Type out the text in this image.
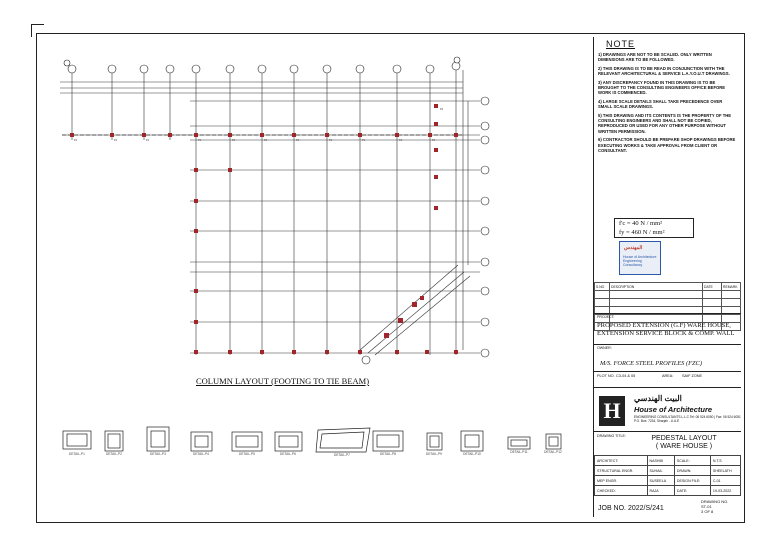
P4	P4	P4	P1	P1	P1	P1	P1	P1	P1	P1
P3
COLUMN LAYOUT (FOOTING TO TIE BEAM)
DETAIL-P1	DETAIL-P2	DETAIL-P3	DETAIL-P4	DETAIL-P5	DETAIL-P6	DETAIL-P7	DETAIL-P8	DETAIL-P9	DETAIL-P10	DETAIL-P11	DETAIL-P12
NOTE

1) DRAWINGS ARE NOT TO BE SCALED. ONLY WRITTEN DIMENSIONS ARE TO BE FOLLOWED.

2) THIS DRAWING IS TO BE READ IN CONJUNCTION WITH THE RELEVANT ARCHITECTURAL & SERVICE L.A.Y.O.U.T DRAWINGS.

3) ANY DISCREPANCY FOUND IN THIS DRAWING IS TO BE BROUGHT TO THE CONSULTING ENGINEERS OFFICE BEFORE WORK IS COMMENCED.

4) LARGE SCALE DETAILS SHALL TAKE PRECEDENCE OVER SMALL SCALE DRAWINGS.

5) THIS DRAWING AND ITS CONTENTS IS THE PROPERTY OF THE CONSULTING ENGINEERS AND SHALL NOT BE COPIED, REPRODUCED OR USED FOR ANY OTHER PURPOSE WITHOUT WRITTEN PERMISSION.

6) CONTRACTOR SHOULD BE PREPARE SHOP DRAWINGS BEFORE EXECUTING WORKS & TAKE APPROVAL FROM CLIENT OR CONSULTANT.

f'c = 40 N / mm²
fy = 460 N / mm²
المهندس
House of Architecture Engineering Consultancy
S.NO	DESCRIPTION	DATE	REMARK

PROJECT:
PROPOSED EXTENSION (G.F) WARE HOUSE, EXTENSION SERVICE BLOCK & COMP. WALL
OWNER:
M/S. FORCE STEEL PROFILES (FZC)
PLOT NO. C3-04 & 05	AREA: SAIF ZONE
H	البيت الهندسي
House of Architecture
ENGINEERING CONSULTANTS L.L.C Tel: 06 524 6050 | Fax: 06 524 6051 P.O. Box: 7234, Sharjah - U.A.E
DRAWING TITLE:	PEDESTAL LAYOUT
( WARE HOUSE )
ARCHITECT:	NASHIB	SCALE:	N.T.S
STRUCTURAL ENGR.	SUHAIL	DRAWN:	SHEELATH
MEP ENGR.	SUSEELA	DESIGN FILE:	C-01
CHECKED:	RAJA	DATE:	19-03-2022
JOB NO. 2022/S/241
DRAWING NO.
ST-01
3 OF 8
